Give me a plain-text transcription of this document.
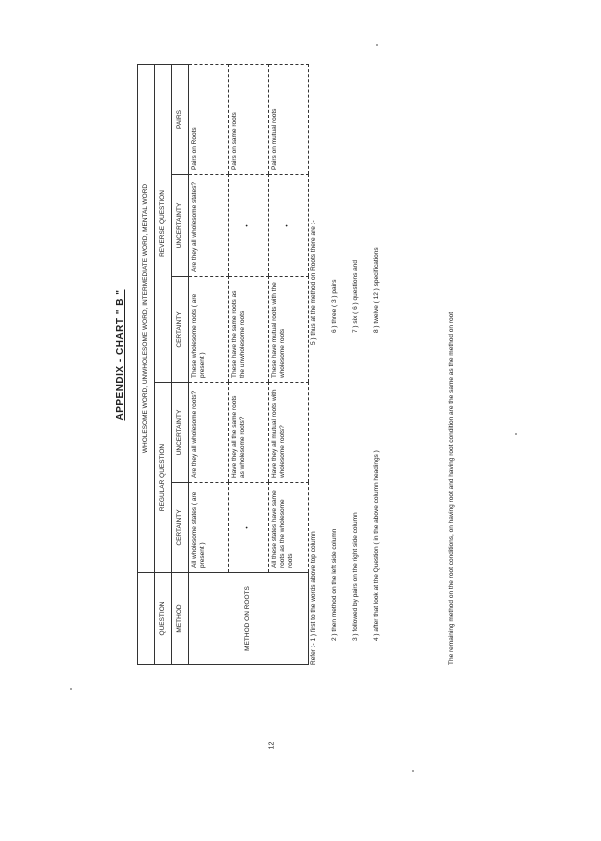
APPENDIX - CHART " B "
	WHOLESOME WORD, UNWHOLESOME WORD, INTERMEDIATE WORD, MENTAL WORD				
QUESTION	REGULAR QUESTION		REVERSE QUESTION		
METHOD	CERTAINTY	UNCERTAINTY	CERTAINTY	UNCERTAINTY	PAIRS
METHOD ON ROOTS	All wholesome states ( are present )	Are they all wholesome roots?	These wholesome roots ( are present )	Are they all wholesome states?	Pairs on Roots
	•	Have they all the same roots as wholesome roots?	These have the same roots as the unwholesome roots	•	Pairs on same roots
	All these states have same roots as the wholesome roots	Have they all mutual roots with wholesome roots?	These have mutual roots with the wholesome roots	•	Pairs on mutual roots

Refer :- 1 ) first to the words above top column 2 ) then method on the left side column 3 ) followed by pairs on the right side column 4 ) after that look at the Question ( in the above column headings )

5 ) thus at the method on Roots there are :- 6 ) three ( 3 ) pairs 7 ) six ( 6 ) questions and 8 ) twelve ( 12 ) specifications

The remaining method on the root conditions, on having root and having root condition are the same as the method on root
12
